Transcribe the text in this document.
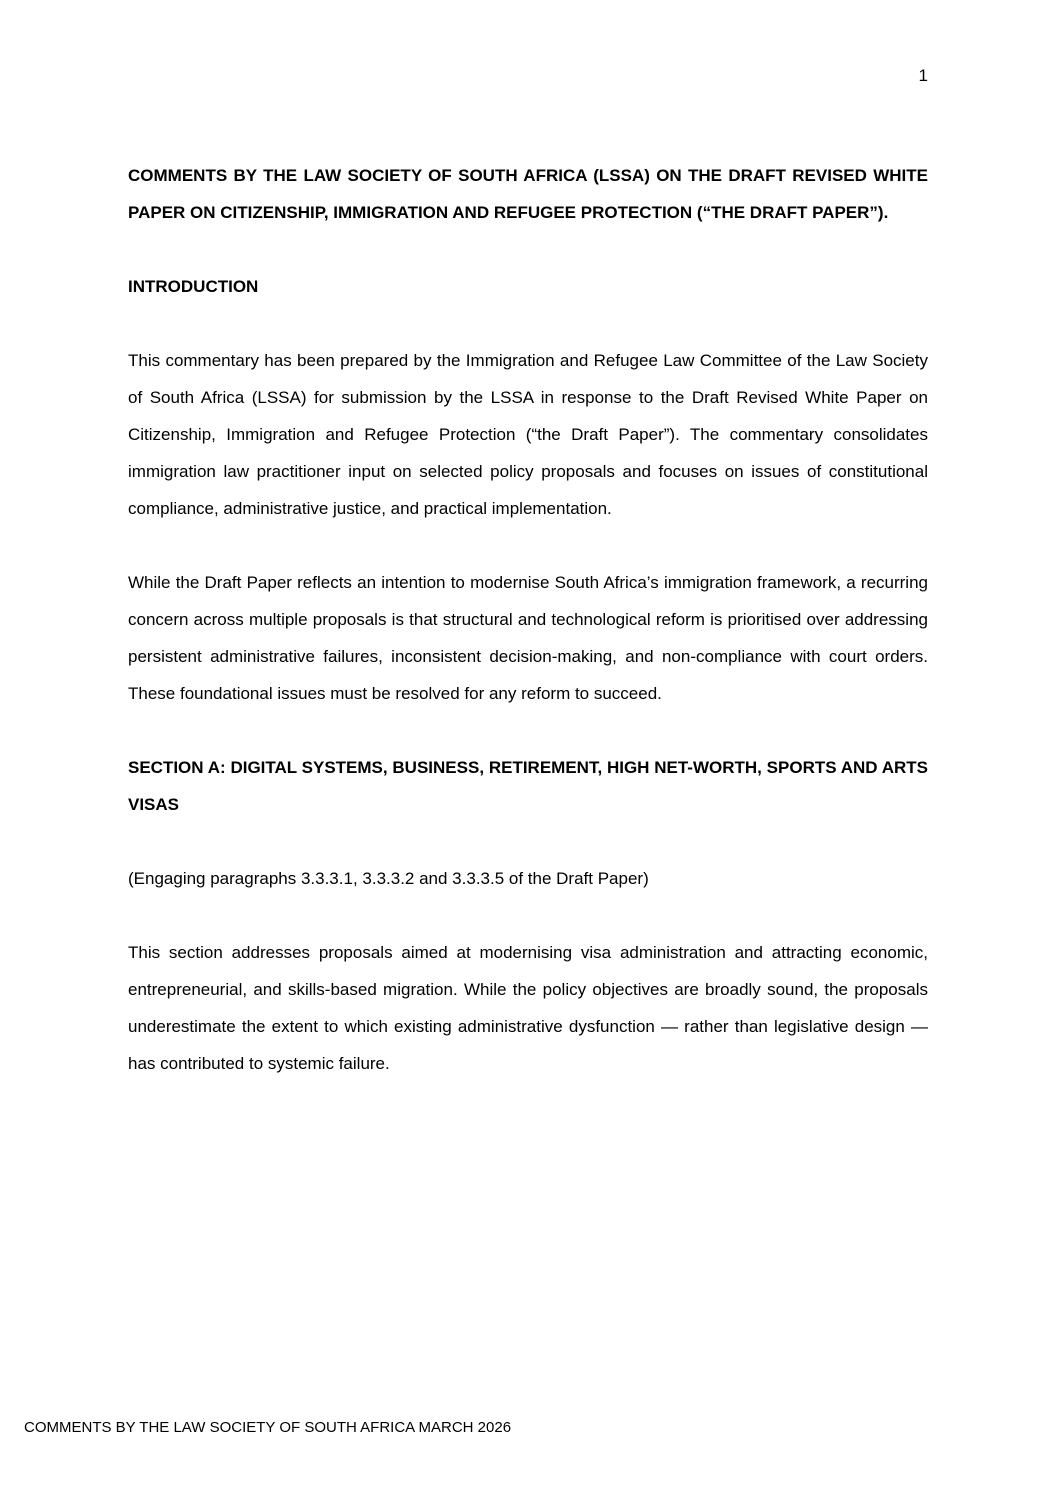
1
COMMENTS BY THE LAW SOCIETY OF SOUTH AFRICA (LSSA) ON THE DRAFT REVISED WHITE PAPER ON CITIZENSHIP, IMMIGRATION AND REFUGEE PROTECTION (“THE DRAFT PAPER”).
INTRODUCTION

This commentary has been prepared by the Immigration and Refugee Law Committee of the Law Society of South Africa (LSSA) for submission by the LSSA in response to the Draft Revised White Paper on Citizenship, Immigration and Refugee Protection (“the Draft Paper”). The commentary consolidates immigration law practitioner input on selected policy proposals and focuses on issues of constitutional compliance, administrative justice, and practical implementation.

While the Draft Paper reflects an intention to modernise South Africa’s immigration framework, a recurring concern across multiple proposals is that structural and technological reform is prioritised over addressing persistent administrative failures, inconsistent decision-making, and non-compliance with court orders. These foundational issues must be resolved for any reform to succeed.

SECTION A: DIGITAL SYSTEMS, BUSINESS, RETIREMENT, HIGH NET-WORTH, SPORTS AND ARTS VISAS

(Engaging paragraphs 3.3.3.1, 3.3.3.2 and 3.3.3.5 of the Draft Paper)

This section addresses proposals aimed at modernising visa administration and attracting economic, entrepreneurial, and skills-based migration. While the policy objectives are broadly sound, the proposals underestimate the extent to which existing administrative dysfunction — rather than legislative design — has contributed to systemic failure.

COMMENTS BY THE LAW SOCIETY OF SOUTH AFRICA MARCH 2026
